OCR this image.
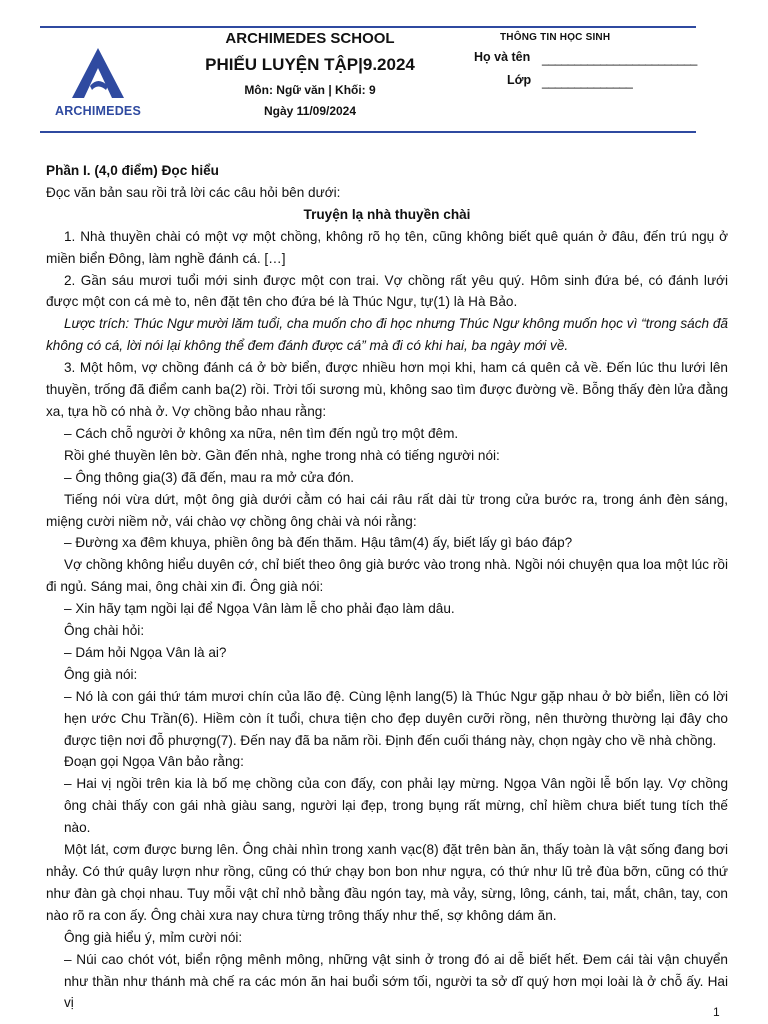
ARCHIMEDES
ARCHIMEDES SCHOOL
PHIẾU LUYỆN TẬP|9.2024
Môn: Ngữ văn | Khối: 9
Ngày 11/09/2024
THÔNG TIN HỌC SINH
Họ và tên ________________________
Lớp ______________

Phần I. (4,0 điểm) Đọc hiểu

Đọc văn bản sau rồi trả lời các câu hỏi bên dưới:

Truyện lạ nhà thuyền chài

1. Nhà thuyền chài có một vợ một chồng, không rõ họ tên, cũng không biết quê quán ở đâu, đến trú ngụ ở miền biển Đông, làm nghề đánh cá. […]

2. Gần sáu mươi tuổi mới sinh được một con trai. Vợ chồng rất yêu quý. Hôm sinh đứa bé, có đánh lưới được một con cá mè to, nên đặt tên cho đứa bé là Thúc Ngư, tự(1) là Hà Bảo.

Lược trích: Thúc Ngư mười lăm tuổi, cha muốn cho đi học nhưng Thúc Ngư không muốn học vì “trong sách đã không có cá, lời nói lại không thể đem đánh được cá” mà đi có khi hai, ba ngày mới về.

3. Một hôm, vợ chồng đánh cá ở bờ biển, được nhiều hơn mọi khi, ham cá quên cả về. Đến lúc thu lưới lên thuyền, trống đã điểm canh ba(2) rồi. Trời tối sương mù, không sao tìm được đường về. Bỗng thấy đèn lửa đằng xa, tựa hồ có nhà ở. Vợ chồng bảo nhau rằng:

– Cách chỗ người ở không xa nữa, nên tìm đến ngủ trọ một đêm.

Rồi ghé thuyền lên bờ. Gần đến nhà, nghe trong nhà có tiếng người nói:

– Ông thông gia(3) đã đến, mau ra mở cửa đón.

Tiếng nói vừa dứt, một ông già dưới cằm có hai cái râu rất dài từ trong cửa bước ra, trong ánh đèn sáng, miệng cười niềm nở, vái chào vợ chồng ông chài và nói rằng:

– Đường xa đêm khuya, phiền ông bà đến thăm. Hậu tâm(4) ấy, biết lấy gì báo đáp?

Vợ chồng không hiểu duyên cớ, chỉ biết theo ông già bước vào trong nhà. Ngồi nói chuyện qua loa một lúc rồi đi ngủ. Sáng mai, ông chài xin đi. Ông già nói:

– Xin hãy tạm ngồi lại để Ngọa Vân làm lễ cho phải đạo làm dâu.

Ông chài hỏi:

– Dám hỏi Ngọa Vân là ai?

Ông già nói:

– Nó là con gái thứ tám mươi chín của lão đệ. Cùng lệnh lang(5) là Thúc Ngư gặp nhau ở bờ biển, liền có lời hẹn ước Chu Trần(6). Hiềm còn ít tuổi, chưa tiện cho đẹp duyên cưỡi rồng, nên thường thường lại đây cho được tiện nơi đỗ phượng(7). Đến nay đã ba năm rồi. Định đến cuối tháng này, chọn ngày cho về nhà chồng.

Đoạn gọi Ngọa Vân bảo rằng:

– Hai vị ngồi trên kia là bố mẹ chồng của con đấy, con phải lạy mừng. Ngọa Vân ngồi lễ bốn lạy. Vợ chồng ông chài thấy con gái nhà giàu sang, người lại đẹp, trong bụng rất mừng, chỉ hiềm chưa biết tung tích thế nào.

Một lát, cơm được bưng lên. Ông chài nhìn trong xanh vạc(8) đặt trên bàn ăn, thấy toàn là vật sống đang bơi nhảy. Có thứ quây lượn như rồng, cũng có thứ chạy bon bon như ngựa, có thứ như lũ trẻ đùa bỡn, cũng có thứ như đàn gà chọi nhau. Tuy mỗi vật chỉ nhỏ bằng đầu ngón tay, mà vảy, sừng, lông, cánh, tai, mắt, chân, tay, con nào rõ ra con ấy. Ông chài xưa nay chưa từng trông thấy như thế, sợ không dám ăn.

Ông già hiểu ý, mỉm cười nói:

– Núi cao chót vót, biển rộng mênh mông, những vật sinh ở trong đó ai dễ biết hết. Đem cái tài vận chuyển như thần như thánh mà chế ra các món ăn hai buổi sớm tối, người ta sở dĩ quý hơn mọi loài là ở chỗ ấy. Hai vị

1
